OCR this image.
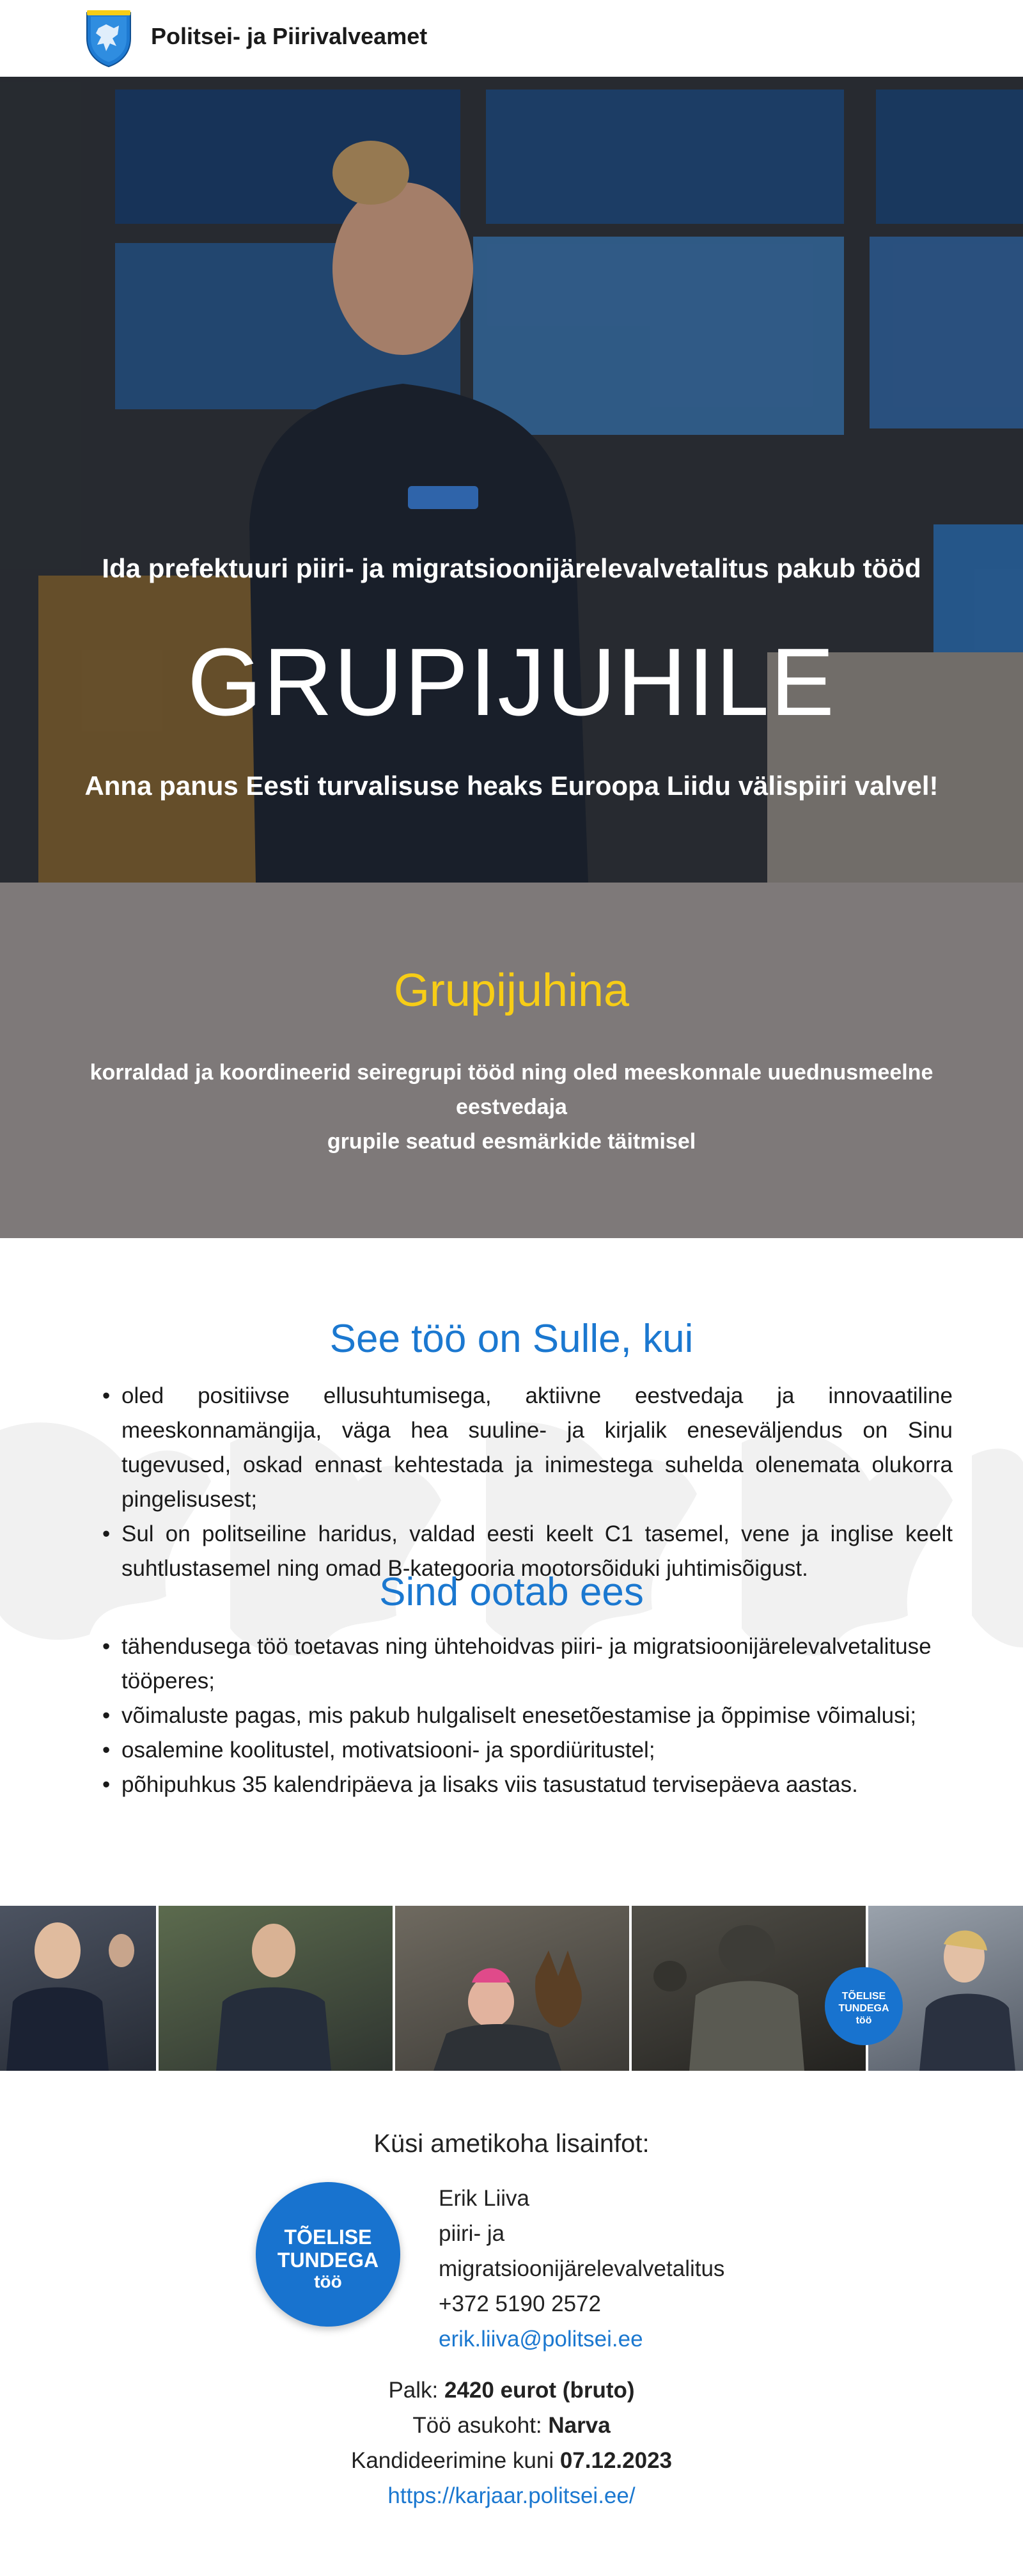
Politsei- ja Piirivalveamet
Ida prefektuuri piiri- ja migratsioonijärelevalvetalitus pakub tööd
GRUPIJUHILE
Anna panus Eesti turvalisuse heaks Euroopa Liidu välispiiri valvel!
Grupijuhina
korraldad ja koordineerid seiregrupi tööd ning oled meeskonnale uuednusmeelne eestvedaja
grupile seatud eesmärkide täitmisel
See töö on Sulle, kui
• oled positiivse ellusuhtumisega, aktiivne eestvedaja ja innovaatiline meeskonnamängija, väga hea suuline- ja kirjalik eneseväljendus on Sinu tugevused, oskad ennast kehtestada ja inimestega suhelda olenemata olukorra pingelisusest;
• Sul on politseiline haridus, valdad eesti keelt C1 tasemel, vene ja inglise keelt suhtlustasemel ning omad B-kategooria mootorsõiduki juhtimisõigust.
Sind ootab ees
• tähendusega töö toetavas ning ühtehoidvas piiri- ja migratsioonijärelevalvetalituse tööperes;
• võimaluste pagas, mis pakub hulgaliselt enesetõestamise ja õppimise võimalusi;
• osalemine koolitustel, motivatsiooni- ja spordiüritustel;
• põhipuhkus 35 kalendripäeva ja lisaks viis tasustatud tervisepäeva aastas.
TÕELISE
TUNDEGA
töö
Küsi ametikoha lisainfot:
TÕELISE
TUNDEGA
töö
Erik Liiva
piiri- ja
migratsioonijärelevalvetalitus
+372 5190 2572
erik.liiva@politsei.ee
Palk: 2420 eurot (bruto)
Töö asukoht: Narva
Kandideerimine kuni 07.12.2023
https://karjaar.politsei.ee/
